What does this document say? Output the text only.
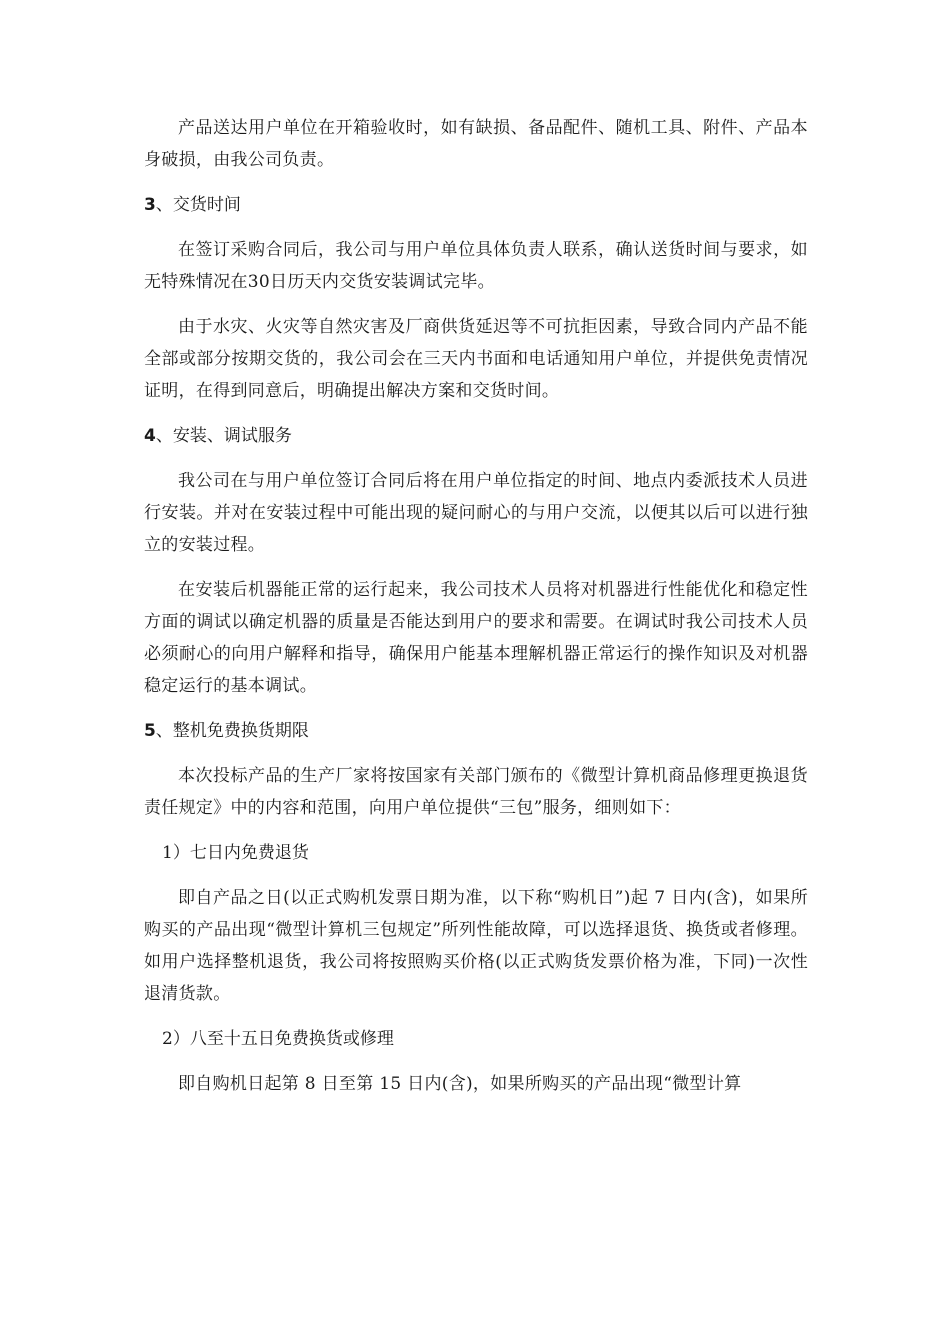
产品送达用户单位在开箱验收时，如有缺损、备品配件、随机工具、附件、产品本身破损，由我公司负责。

3、交货时间

在签订采购合同后，我公司与用户单位具体负责人联系，确认送货时间与要求，如无特殊情况在30日历天内交货安装调试完毕。

由于水灾、火灾等自然灾害及厂商供货延迟等不可抗拒因素，导致合同内产品不能全部或部分按期交货的，我公司会在三天内书面和电话通知用户单位，并提供免责情况证明，在得到同意后，明确提出解决方案和交货时间。

4、安装、调试服务

我公司在与用户单位签订合同后将在用户单位指定的时间、地点内委派技术人员进行安装。并对在安装过程中可能出现的疑问耐心的与用户交流，以便其以后可以进行独立的安装过程。

在安装后机器能正常的运行起来，我公司技术人员将对机器进行性能优化和稳定性方面的调试以确定机器的质量是否能达到用户的要求和需要。在调试时我公司技术人员必须耐心的向用户解释和指导，确保用户能基本理解机器正常运行的操作知识及对机器稳定运行的基本调试。

5、整机免费换货期限

本次投标产品的生产厂家将按国家有关部门颁布的《微型计算机商品修理更换退货责任规定》中的内容和范围，向用户单位提供“三包”服务，细则如下：

1）七日内免费退货

即自产品之日(以正式购机发票日期为准，以下称“购机日”)起 7 日内(含)，如果所购买的产品出现“微型计算机三包规定”所列性能故障，可以选择退货、换货或者修理。如用户选择整机退货，我公司将按照购买价格(以正式购货发票价格为准，下同)一次性退清货款。

2）八至十五日免费换货或修理

即自购机日起第 8 日至第 15 日内(含)，如果所购买的产品出现“微型计算
